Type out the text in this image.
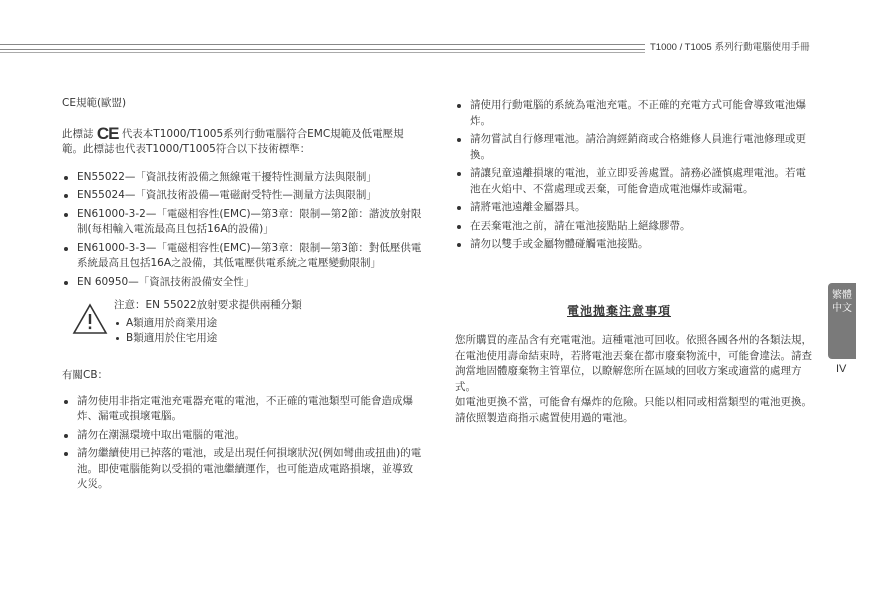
T1000 / T1005 系列行動電腦使用手冊

CE規範(歐盟)

此標誌 CE 代表本T1000/T1005系列行動電腦符合EMC規範及低電壓規範。此標誌也代表T1000/T1005符合以下技術標準：

EN55022—「資訊技術設備之無線電干擾特性測量方法與限制」
EN55024—「資訊技術設備—電磁耐受特性—測量方法與限制」
EN61000-3-2—「電磁相容性(EMC)—第3章：限制—第2節：諧波放射限制(每相輸入電流最高且包括16A的設備)」
EN61000-3-3—「電磁相容性(EMC)—第3章：限制—第3節：對低壓供電系統最高且包括16A之設備，其低電壓供電系統之電壓變動限制」
EN 60950—「資訊技術設備安全性」

注意：EN 55022放射要求提供兩種分類

A類適用於商業用途
B類適用於住宅用途

有關CB：

請勿使用非指定電池充電器充電的電池，不正確的電池類型可能會造成爆炸、漏電或損壞電腦。
請勿在潮濕環境中取出電腦的電池。
請勿繼續使用已掉落的電池，或是出現任何損壞狀況(例如彎曲或扭曲)的電池。即使電腦能夠以受損的電池繼續運作，也可能造成電路損壞，並導致火災。
請使用行動電腦的系統為電池充電。不正確的充電方式可能會導致電池爆炸。
請勿嘗試自行修理電池。請洽詢經銷商或合格維修人員進行電池修理或更換。
請讓兒童遠離損壞的電池，並立即妥善處置。請務必謹慎處理電池。若電池在火焰中、不當處理或丟棄，可能會造成電池爆炸或漏電。
請將電池遠離金屬器具。
在丟棄電池之前，請在電池接點貼上絕緣膠帶。
請勿以雙手或金屬物體碰觸電池接點。
電池拋棄注意事項

您所購買的產品含有充電電池。這種電池可回收。依照各國各州的各類法規，在電池使用壽命結束時，若將電池丟棄在都市廢棄物流中，可能會違法。請查詢當地固體廢棄物主管單位，以瞭解您所在區域的回收方案或適當的處理方式。

如電池更換不當，可能會有爆炸的危險。只能以相同或相當類型的電池更換。請依照製造商指示處置使用過的電池。

繁體中文
IV
